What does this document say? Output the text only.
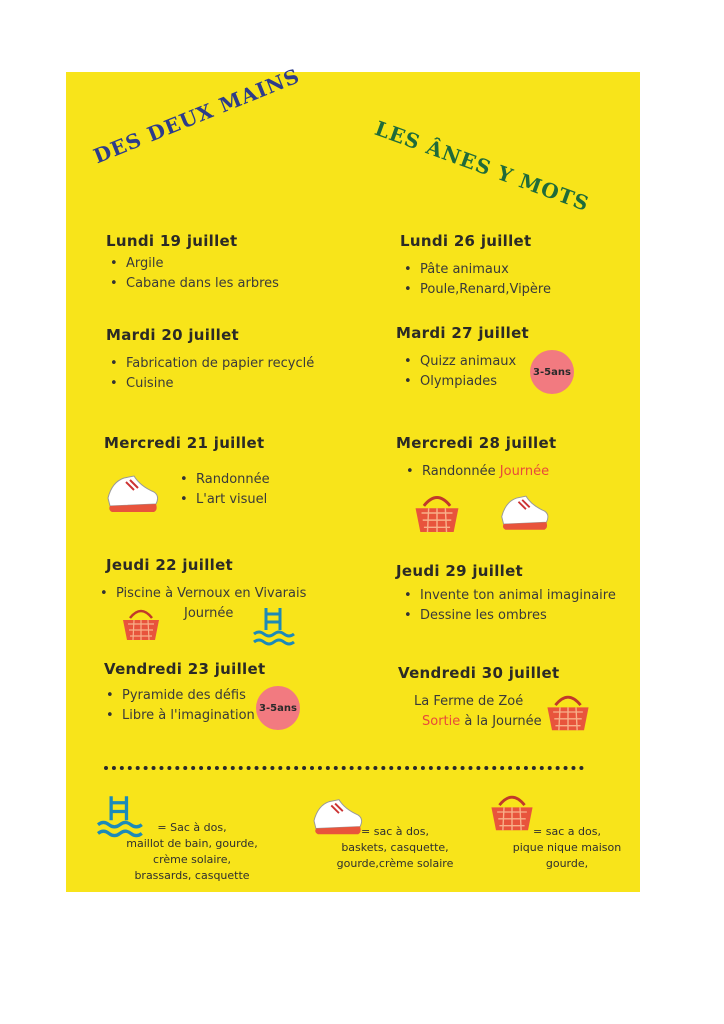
DES DEUX MAINS	LES ÂNES Y MOTS
Lundi 19 juillet
• Argile
• Cabane dans les arbres
Mardi 20 juillet
• Fabrication de papier recyclé
• Cuisine
Mercredi 21 juillet
• Randonnée
• L'art visuel
Jeudi 22 juillet
• Piscine à Vernoux en Vivarais
Journée
Vendredi 23 juillet
• Pyramide des défis
• Libre à l'imagination 3-5ans
Lundi 26 juillet
• Pâte animaux
• Poule,Renard,Vipère
Mardi 27 juillet
• Quizz animaux
• Olympiades
3-5ans
Mercredi 28 juillet
• Randonnée Journée
Jeudi 29 juillet
• Invente ton animal imaginaire
• Dessine les ombres
Vendredi 30 juillet
La Ferme de Zoé
Sortie à la Journée
= Sac à dos,
maillot de bain, gourde,
crème solaire,
brassards, casquette
= sac à dos,
baskets, casquette,
gourde,crème solaire
= sac a dos,
pique nique maison
gourde,
